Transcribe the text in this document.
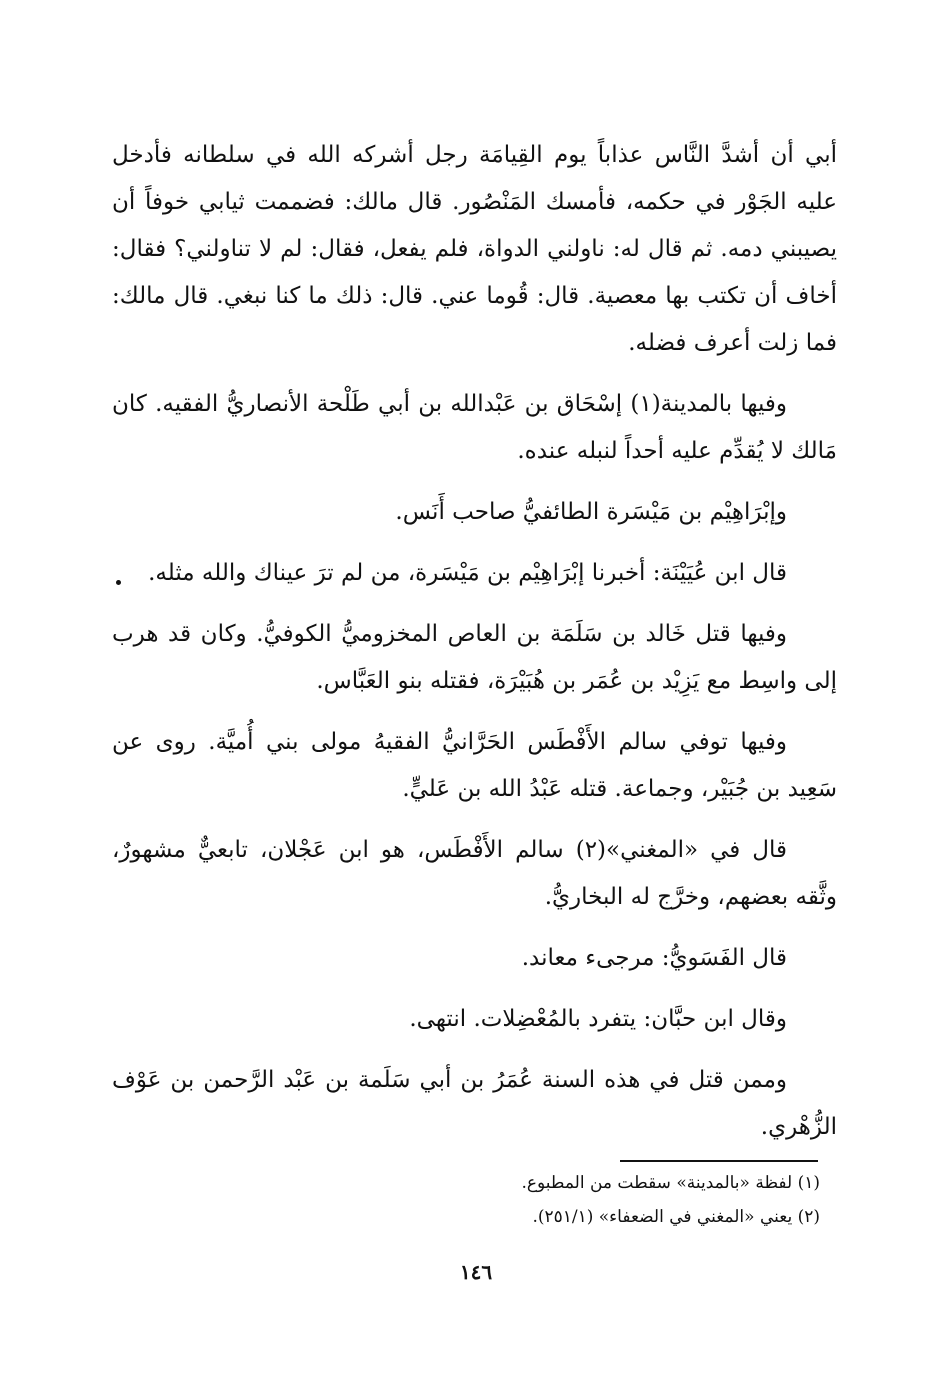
أبي أن أشدَّ النَّاس عذاباً يوم القِيامَة رجل أشركه الله في سلطانه فأدخل عليه الجَوْر في حكمه، فأمسك المَنْصُور. قال مالك: فضممت ثيابي خوفاً أن يصيبني دمه. ثم قال له: ناولني الدواة، فلم يفعل، فقال: لم لا تناولني؟ فقال: أخاف أن تكتب بها معصية. قال: قُوما عني. قال: ذلك ما كنا نبغي. قال مالك: فما زلت أعرف فضله.

وفيها بالمدينة(١) إسْحَاق بن عَبْدالله بن أبي طَلْحة الأنصاريُّ الفقيه. كان مَالك لا يُقدِّم عليه أحداً لنبله عنده.

وإبْرَاهِيْم بن مَيْسَرة الطائفيُّ صاحب أَنَس.

قال ابن عُيَيْنَة: أخبرنا إبْرَاهِيْم بن مَيْسَرة، من لم ترَ عيناك والله مثله.

وفيها قتل خَالد بن سَلَمَة بن العاص المخزوميُّ الكوفيُّ. وكان قد هرب إلى واسِط مع يَزِيْد بن عُمَر بن هُبَيْرَة، فقتله بنو العَبَّاس.

وفيها توفي سالم الأَفْطَس الحَرَّانيُّ الفقيهُ مولى بني أُميَّة. روى عن سَعِيد بن جُبَيْر، وجماعة. قتله عَبْدُ الله بن عَليٍّ.

قال في «المغني»(٢) سالم الأَفْطَس، هو ابن عَجْلان، تابعيٌّ مشهورٌ، وثَّقه بعضهم، وخرَّج له البخاريُّ.

قال الفَسَويُّ: مرجىء معاند.

وقال ابن حبَّان: يتفرد بالمُعْضِلات. انتهى.

وممن قتل في هذه السنة عُمَرُ بن أبي سَلَمة بن عَبْد الرَّحمن بن عَوْف الزُّهْري.

(١) لفظة «بالمدينة» سقطت من المطبوع.

(٢) يعني «المغني في الضعفاء» (٢٥١/١).

١٤٦
